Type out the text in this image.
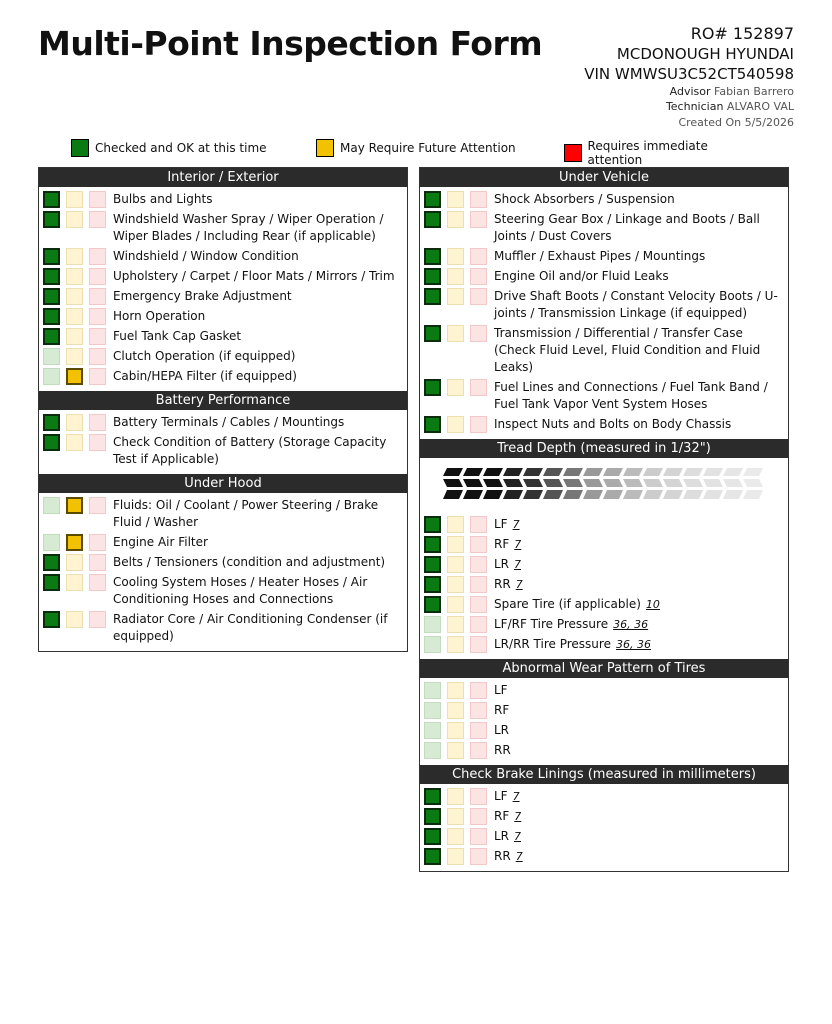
Multi-Point Inspection Form	RO# 152897
MCDONOUGH HYUNDAI
VIN WMWSU3C52CT540598
Advisor Fabian Barrero
Technician ALVARO VAL
Created On 5/5/2026
Checked and OK at this time	May Require Future Attention	Requires immediate attention
Interior / Exterior
Bulbs and Lights
Windshield Washer Spray / Wiper Operation / Wiper Blades / Including Rear (if applicable)
Windshield / Window Condition
Upholstery / Carpet / Floor Mats / Mirrors / Trim
Emergency Brake Adjustment
Horn Operation
Fuel Tank Cap Gasket
Clutch Operation (if equipped)
Cabin/HEPA Filter (if equipped)
Battery Performance
Battery Terminals / Cables / Mountings
Check Condition of Battery (Storage Capacity Test if Applicable)
Under Hood
Fluids: Oil / Coolant / Power Steering / Brake Fluid / Washer
Engine Air Filter
Belts / Tensioners (condition and adjustment)
Cooling System Hoses / Heater Hoses / Air Conditioning Hoses and Connections
Radiator Core / Air Conditioning Condenser (if equipped)
Under Vehicle
Shock Absorbers / Suspension
Steering Gear Box / Linkage and Boots / Ball Joints / Dust Covers
Muffler / Exhaust Pipes / Mountings
Engine Oil and/or Fluid Leaks
Drive Shaft Boots / Constant Velocity Boots / U-joints / Transmission Linkage (if equipped)
Transmission / Differential / Transfer Case (Check Fluid Level, Fluid Condition and Fluid Leaks)
Fuel Lines and Connections / Fuel Tank Band / Fuel Tank Vapor Vent System Hoses
Inspect Nuts and Bolts on Body Chassis
Tread Depth (measured in 1/32")
LF 7
RF 7
LR 7
RR 7
Spare Tire (if applicable) 10
LF/RF Tire Pressure 36, 36
LR/RR Tire Pressure 36, 36
Abnormal Wear Pattern of Tires
LF
RF
LR
RR
Check Brake Linings (measured in millimeters)
LF 7
RF 7
LR 7
RR 7
